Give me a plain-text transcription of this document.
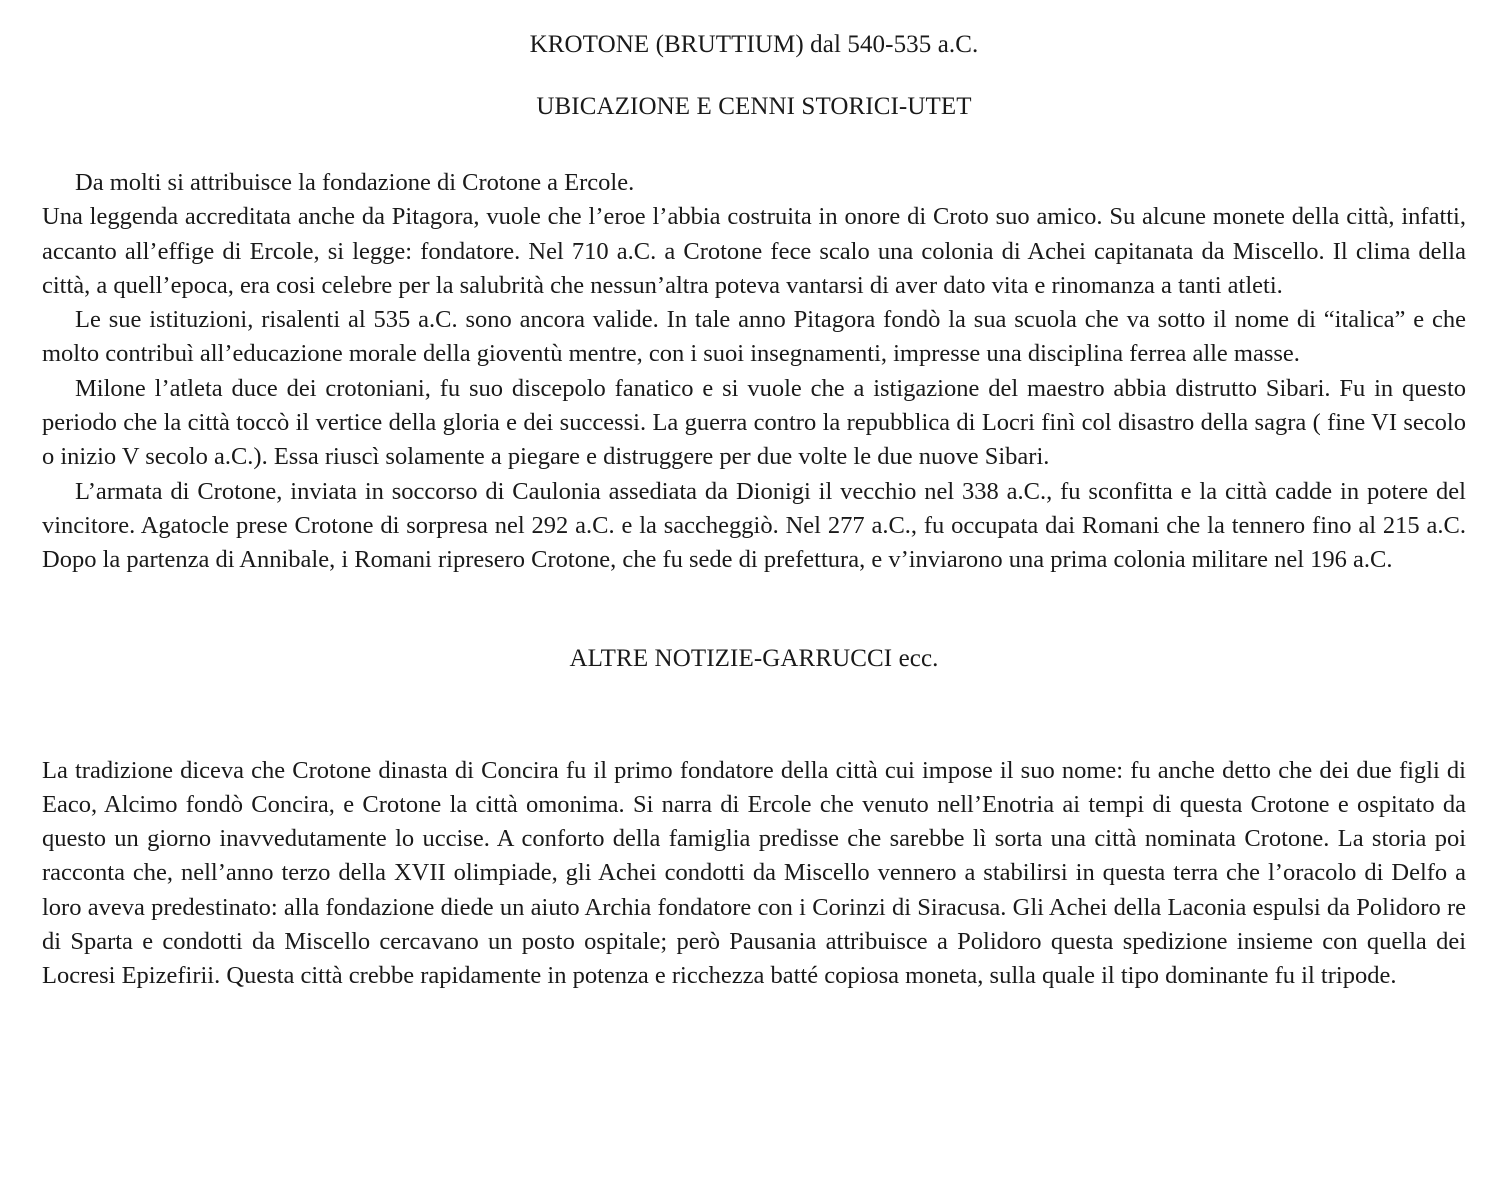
KROTONE (BRUTTIUM) dal 540-535 a.C.
UBICAZIONE E CENNI STORICI-UTET

Da molti si attribuisce la fondazione di Crotone a Ercole.

Una leggenda accreditata anche da Pitagora, vuole che l’eroe l’abbia costruita in onore di Croto suo amico. Su alcune monete della città, infatti, accanto all’effige di Ercole, si legge: fondatore. Nel 710 a.C. a Crotone fece scalo una colonia di Achei capitanata da Miscello. Il clima della città, a quell’epoca, era cosi celebre per la salubrità che nessun’altra poteva vantarsi di aver dato vita e rinomanza a tanti atleti.

Le sue istituzioni, risalenti al 535 a.C. sono ancora valide. In tale anno Pitagora fondò la sua scuola che va sotto il nome di “italica” e che molto contribuì all’educazione morale della gioventù mentre, con i suoi insegnamenti, impresse una disciplina ferrea alle masse.

Milone l’atleta duce dei crotoniani, fu suo discepolo fanatico e si vuole che a istigazione del maestro abbia distrutto Sibari. Fu in questo periodo che la città toccò il vertice della gloria e dei successi. La guerra contro la repubblica di Locri finì col disastro della sagra ( fine VI secolo o inizio V secolo a.C.). Essa riuscì solamente a piegare e distruggere per due volte le due nuove Sibari.

L’armata di Crotone, inviata in soccorso di Caulonia assediata da Dionigi il vecchio nel 338 a.C., fu sconfitta e la città cadde in potere del vincitore. Agatocle prese Crotone di sorpresa nel 292 a.C. e la saccheggiò. Nel 277 a.C., fu occupata dai Romani che la tennero fino al 215 a.C. Dopo la partenza di Annibale, i Romani ripresero Crotone, che fu sede di prefettura, e v’inviarono una prima colonia militare nel 196 a.C.

ALTRE NOTIZIE-GARRUCCI ecc.

La tradizione diceva che Crotone dinasta di Concira fu il primo fondatore della città cui impose il suo nome: fu anche detto che dei due figli di Eaco, Alcimo fondò Concira, e Crotone la città omonima. Si narra di Ercole che venuto nell’Enotria ai tempi di questa Crotone e ospitato da questo un giorno inavvedutamente lo uccise. A conforto della famiglia predisse che sarebbe lì sorta una città nominata Crotone. La storia poi racconta che, nell’anno terzo della XVII olimpiade, gli Achei condotti da Miscello vennero a stabilirsi in questa terra che l’oracolo di Delfo a loro aveva predestinato: alla fondazione diede un aiuto Archia fondatore con i Corinzi di Siracusa. Gli Achei della Laconia espulsi da Polidoro re di Sparta e condotti da Miscello cercavano un posto ospitale; però Pausania attribuisce a Polidoro questa spedizione insieme con quella dei Locresi Epizefirii. Questa città crebbe rapidamente in potenza e ricchezza batté copiosa moneta, sulla quale il tipo dominante fu il tripode.
